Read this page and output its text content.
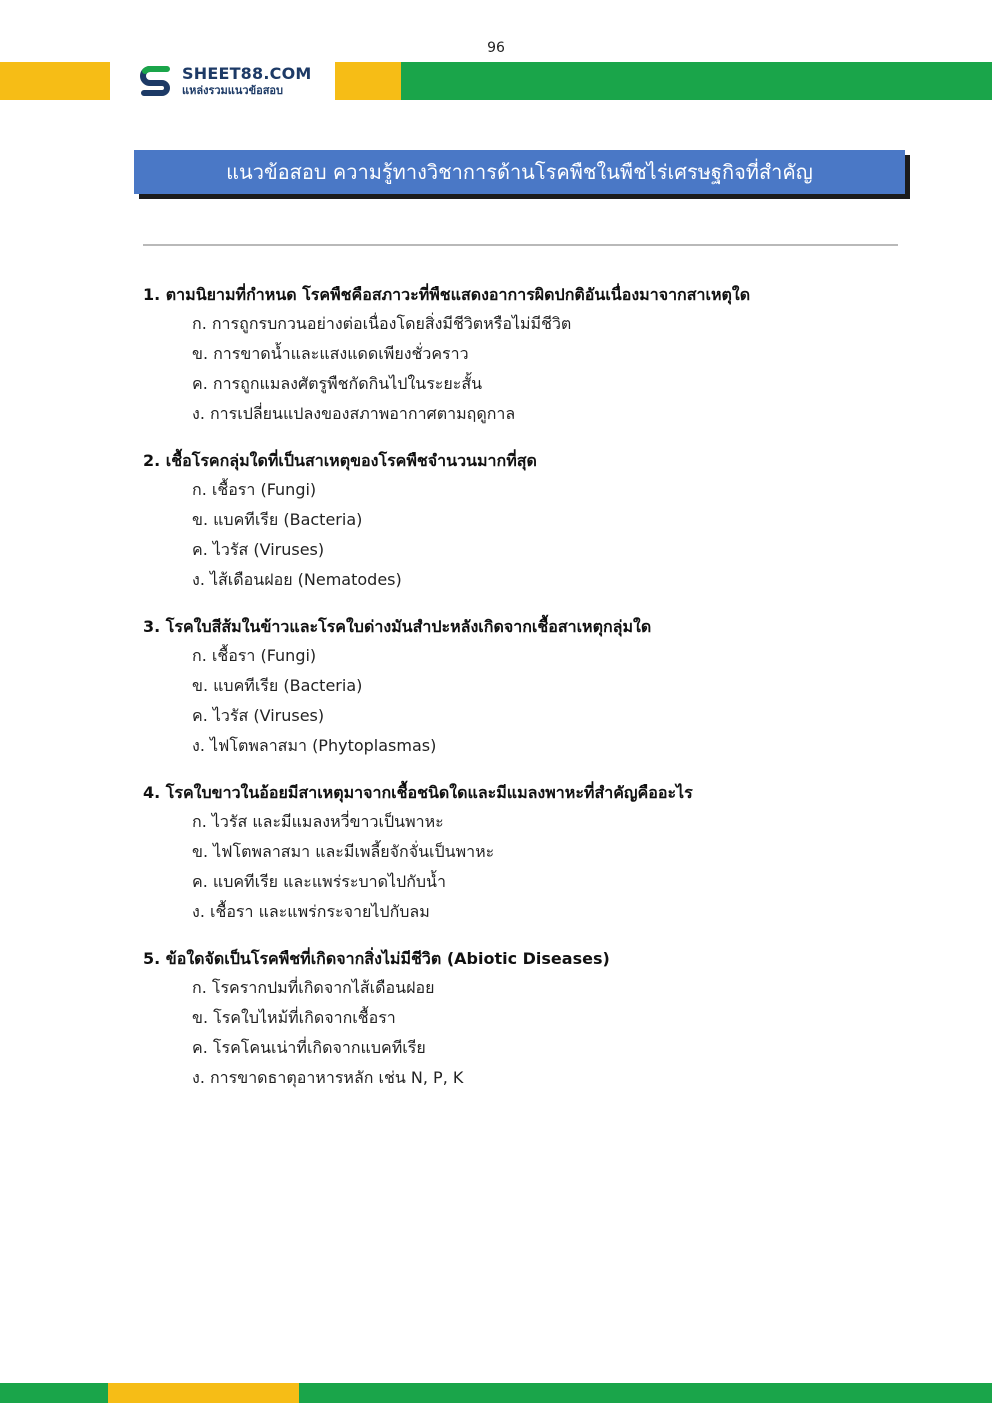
96
SHEET88.COM
แหล่งรวมแนวข้อสอบ
แนวข้อสอบ ความรู้ทางวิชาการด้านโรคพืชในพืชไร่เศรษฐกิจที่สำคัญ
1. ตามนิยามที่กำหนด โรคพืชคือสภาวะที่พืชแสดงอาการผิดปกติอันเนื่องมาจากสาเหตุใด
ก. การถูกรบกวนอย่างต่อเนื่องโดยสิ่งมีชีวิตหรือไม่มีชีวิต
ข. การขาดน้ำและแสงแดดเพียงชั่วคราว
ค. การถูกแมลงศัตรูพืชกัดกินไปในระยะสั้น
ง. การเปลี่ยนแปลงของสภาพอากาศตามฤดูกาล
2. เชื้อโรคกลุ่มใดที่เป็นสาเหตุของโรคพืชจำนวนมากที่สุด
ก. เชื้อรา (Fungi)
ข. แบคทีเรีย (Bacteria)
ค. ไวรัส (Viruses)
ง. ไส้เดือนฝอย (Nematodes)
3. โรคใบสีส้มในข้าวและโรคใบด่างมันสำปะหลังเกิดจากเชื้อสาเหตุกลุ่มใด
ก. เชื้อรา (Fungi)
ข. แบคทีเรีย (Bacteria)
ค. ไวรัส (Viruses)
ง. ไฟโตพลาสมา (Phytoplasmas)
4. โรคใบขาวในอ้อยมีสาเหตุมาจากเชื้อชนิดใดและมีแมลงพาหะที่สำคัญคืออะไร
ก. ไวรัส และมีแมลงหวี่ขาวเป็นพาหะ
ข. ไฟโตพลาสมา และมีเพลี้ยจักจั่นเป็นพาหะ
ค. แบคทีเรีย และแพร่ระบาดไปกับน้ำ
ง. เชื้อรา และแพร่กระจายไปกับลม
5. ข้อใดจัดเป็นโรคพืชที่เกิดจากสิ่งไม่มีชีวิต (Abiotic Diseases)
ก. โรครากปมที่เกิดจากไส้เดือนฝอย
ข. โรคใบไหม้ที่เกิดจากเชื้อรา
ค. โรคโคนเน่าที่เกิดจากแบคทีเรีย
ง. การขาดธาตุอาหารหลัก เช่น N, P, K
